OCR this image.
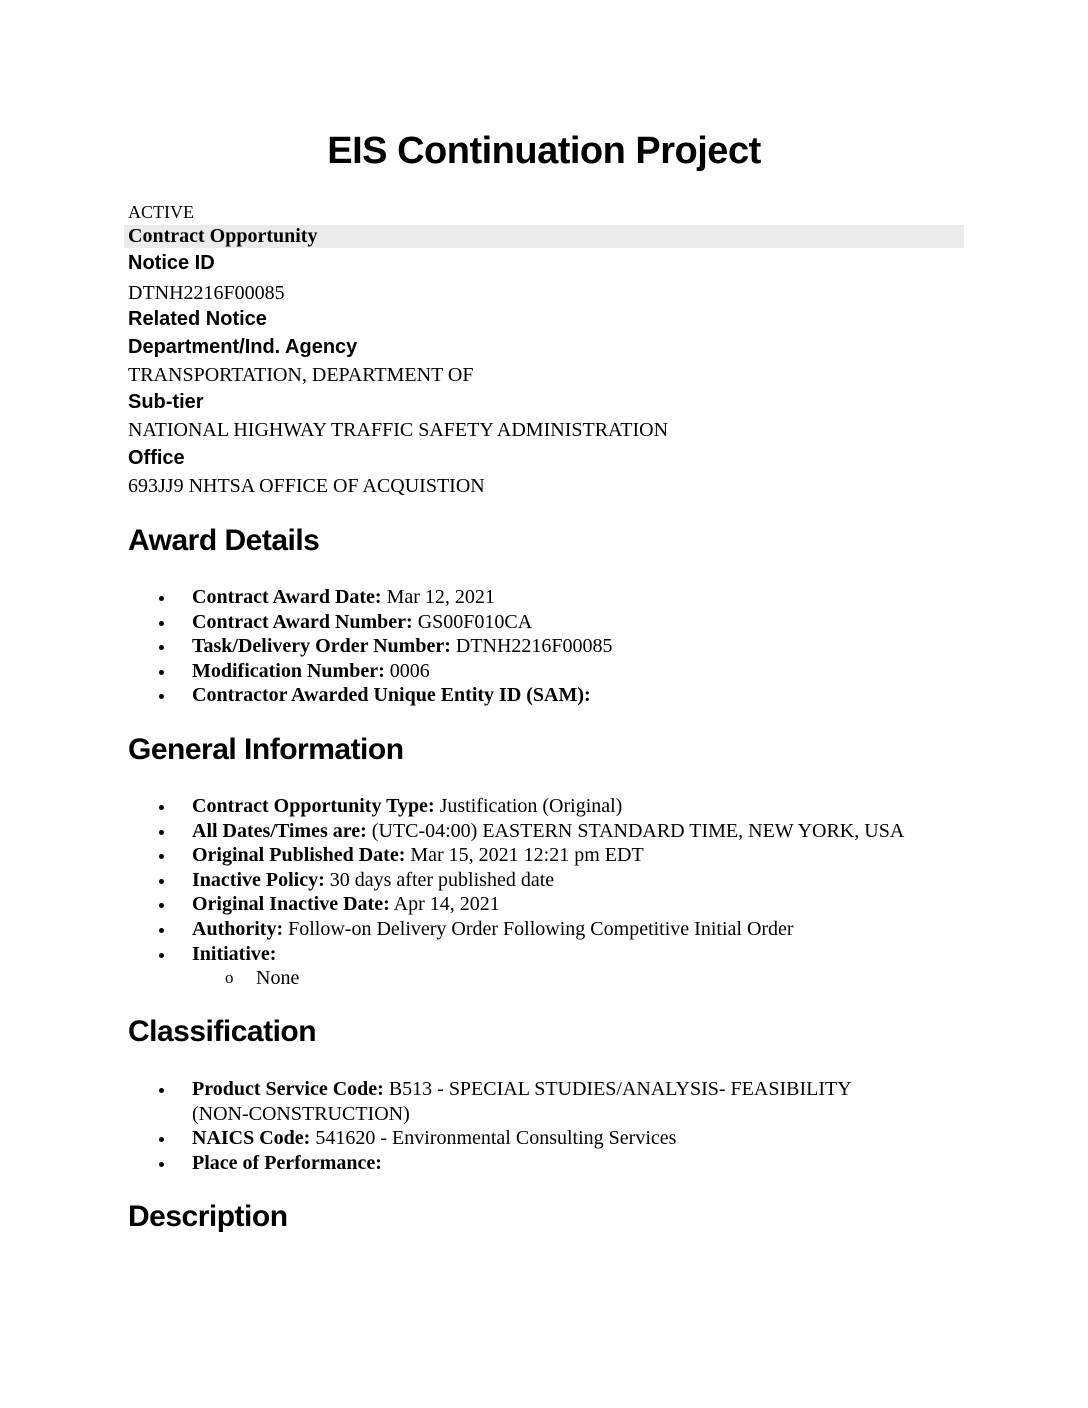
EIS Continuation Project
ACTIVE
Contract Opportunity
Notice ID
DTNH2216F00085
Related Notice
Department/Ind. Agency
TRANSPORTATION, DEPARTMENT OF
Sub-tier
NATIONAL HIGHWAY TRAFFIC SAFETY ADMINISTRATION
Office
693JJ9 NHTSA OFFICE OF ACQUISTION
Award Details
Contract Award Date: Mar 12, 2021
Contract Award Number: GS00F010CA
Task/Delivery Order Number: DTNH2216F00085
Modification Number: 0006
Contractor Awarded Unique Entity ID (SAM):
General Information
Contract Opportunity Type: Justification (Original)
All Dates/Times are: (UTC-04:00) EASTERN STANDARD TIME, NEW YORK, USA
Original Published Date: Mar 15, 2021 12:21 pm EDT
Inactive Policy: 30 days after published date
Original Inactive Date: Apr 14, 2021
Authority: Follow-on Delivery Order Following Competitive Initial Order
Initiative:
o None
Classification
Product Service Code: B513 - SPECIAL STUDIES/ANALYSIS- FEASIBILITY (NON-CONSTRUCTION)
NAICS Code: 541620 - Environmental Consulting Services
Place of Performance:
Description
